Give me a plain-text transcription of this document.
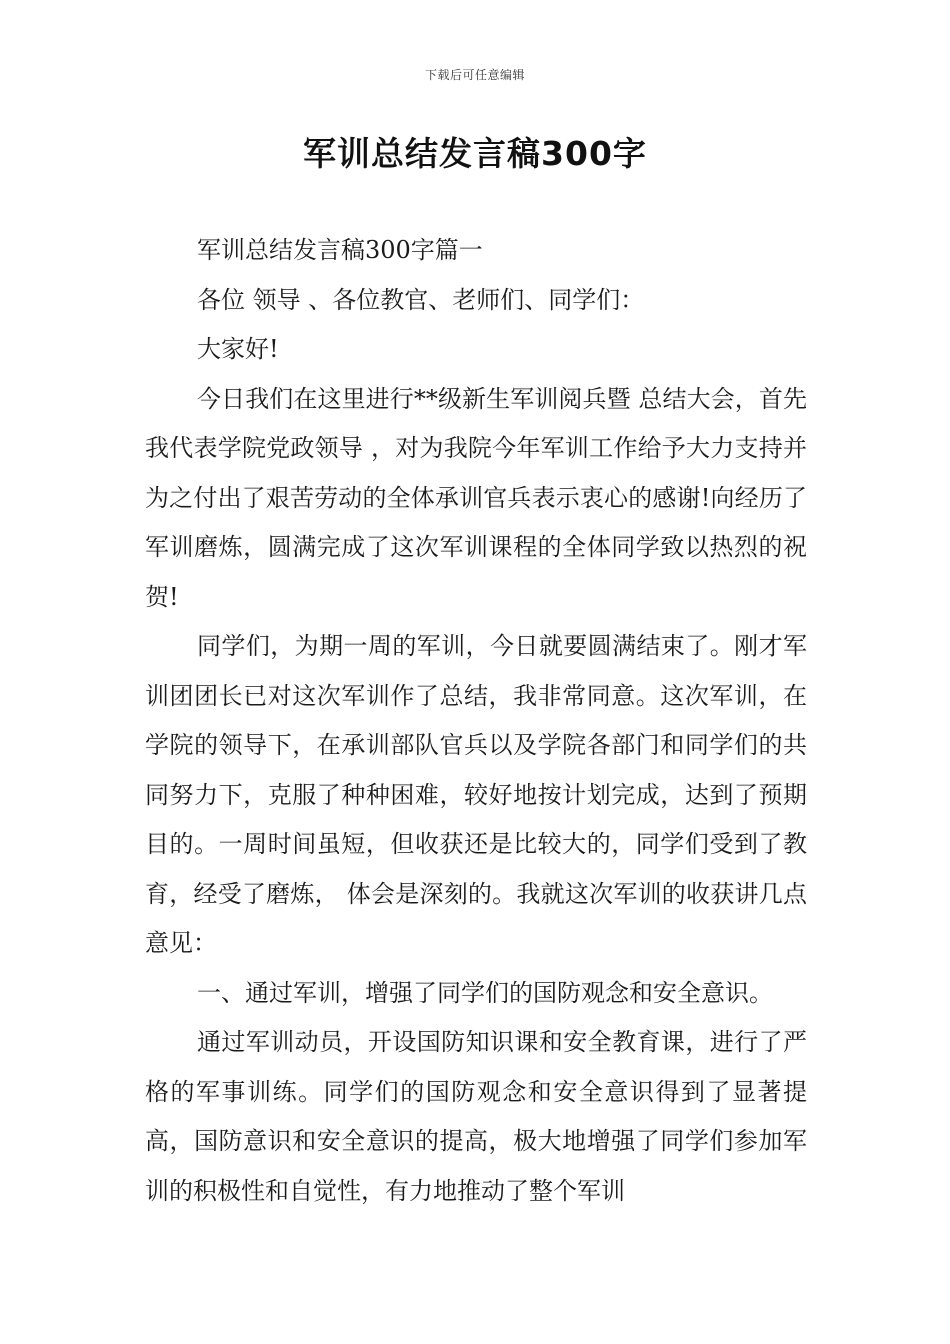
下载后可任意编辑
军训总结发言稿300字

军训总结发言稿300字篇一

各位 领导 、各位教官、老师们、同学们：

大家好!

今日我们在这里进行**级新生军训阅兵暨 总结大会，首先我代表学院党政领导 ，对为我院今年军训工作给予大力支持并为之付出了艰苦劳动的全体承训官兵表示衷心的感谢!向经历了军训磨炼，圆满完成了这次军训课程的全体同学致以热烈的祝贺!

同学们，为期一周的军训，今日就要圆满结束了。刚才军训团团长已对这次军训作了总结，我非常同意。这次军训，在学院的领导下，在承训部队官兵以及学院各部门和同学们的共同努力下，克服了种种困难，较好地按计划完成，达到了预期目的。一周时间虽短，但收获还是比较大的，同学们受到了教育，经受了磨炼， 体会是深刻的。我就这次军训的收获讲几点意见：

一、通过军训，增强了同学们的国防观念和安全意识。

通过军训动员，开设国防知识课和安全教育课，进行了严格的军事训练。同学们的国防观念和安全意识得到了显著提高，国防意识和安全意识的提高，极大地增强了同学们参加军训的积极性和自觉性，有力地推动了整个军训
